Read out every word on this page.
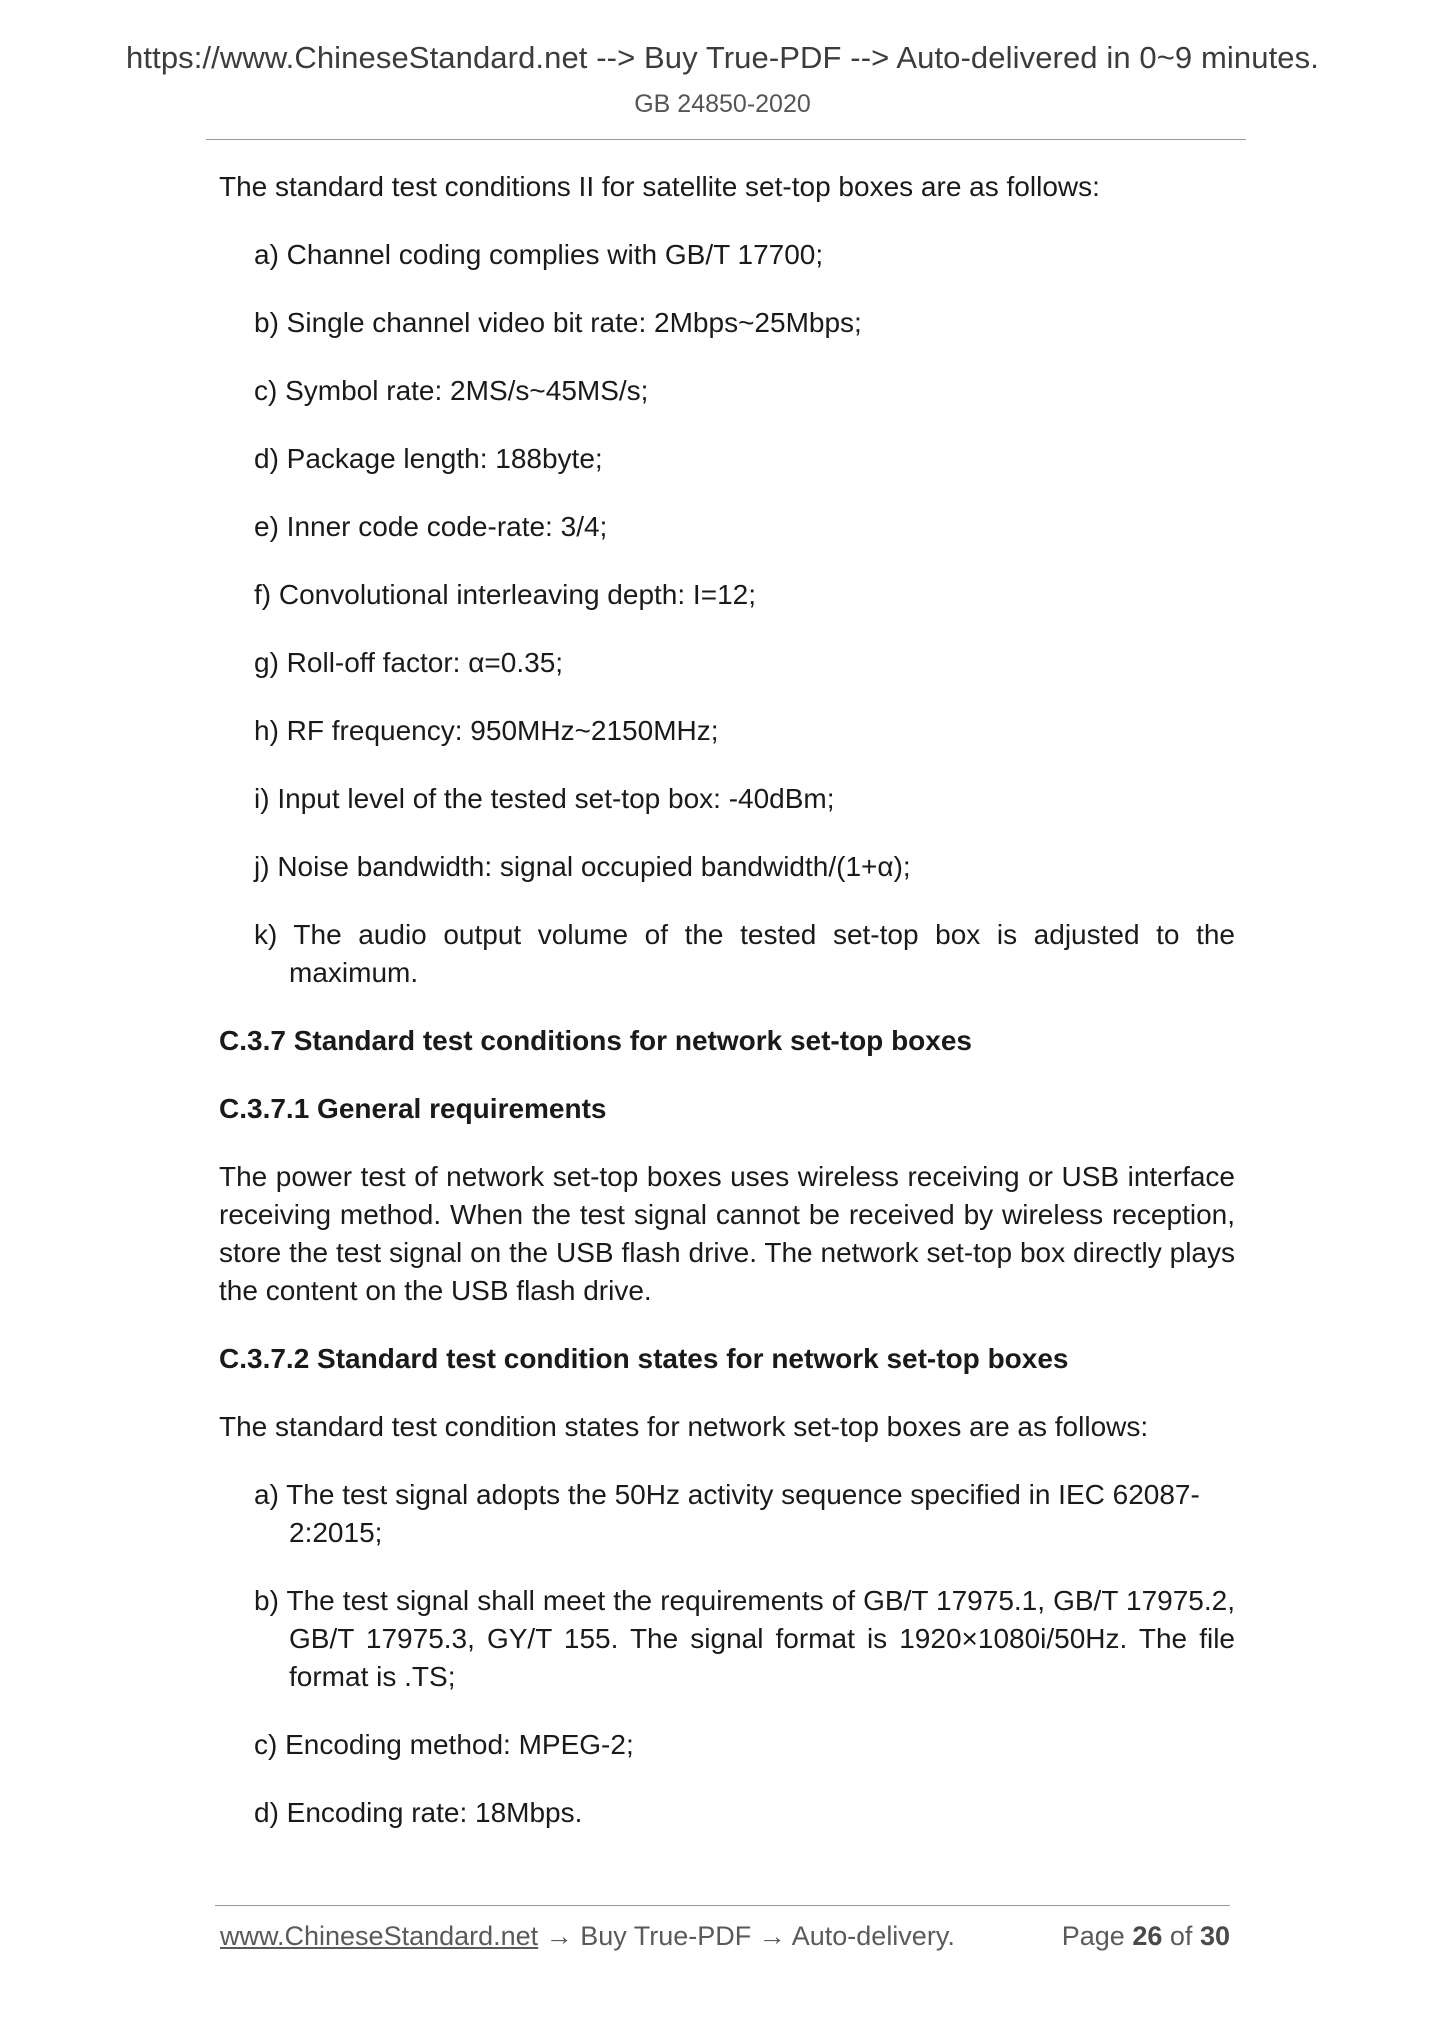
https://www.ChineseStandard.net --> Buy True-PDF --> Auto-delivered in 0~9 minutes.
GB 24850-2020

The standard test conditions II for satellite set-top boxes are as follows:

a) Channel coding complies with GB/T 17700;

b) Single channel video bit rate: 2Mbps~25Mbps;

c) Symbol rate: 2MS/s~45MS/s;

d) Package length: 188byte;

e) Inner code code-rate: 3/4;

f) Convolutional interleaving depth: I=12;

g) Roll-off factor: α=0.35;

h) RF frequency: 950MHz~2150MHz;

i) Input level of the tested set-top box: -40dBm;

j) Noise bandwidth: signal occupied bandwidth/(1+α);

k) The audio output volume of the tested set-top box is adjusted to the maximum.

C.3.7 Standard test conditions for network set-top boxes

C.3.7.1 General requirements

The power test of network set-top boxes uses wireless receiving or USB interface receiving method. When the test signal cannot be received by wireless reception, store the test signal on the USB flash drive. The network set-top box directly plays the content on the USB flash drive.

C.3.7.2 Standard test condition states for network set-top boxes

The standard test condition states for network set-top boxes are as follows:

a) The test signal adopts the 50Hz activity sequence specified in IEC 62087-2:2015;

b) The test signal shall meet the requirements of GB/T 17975.1, GB/T 17975.2, GB/T 17975.3, GY/T 155. The signal format is 1920×1080i/50Hz. The file format is .TS;

c) Encoding method: MPEG-2;

d) Encoding rate: 18Mbps.

www.ChineseStandard.net → Buy True-PDF → Auto-delivery.	Page 26 of 30
